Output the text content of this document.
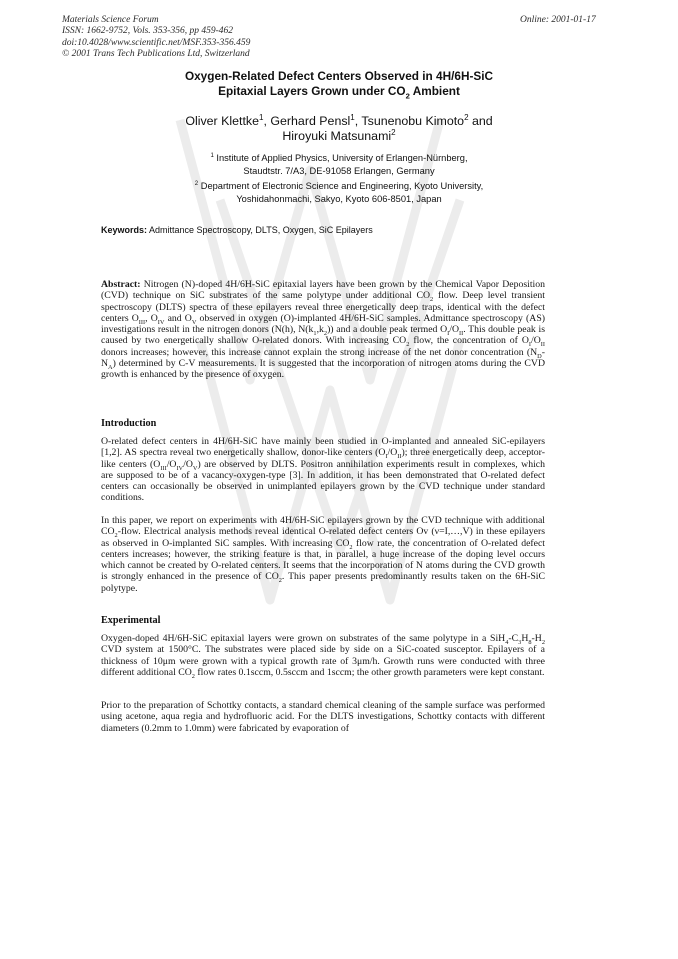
Materials Science Forum
ISSN: 1662-9752, Vols. 353-356, pp 459-462
doi:10.4028/www.scientific.net/MSF.353-356.459
© 2001 Trans Tech Publications Ltd, Switzerland
Online: 2001-01-17
Oxygen-Related Defect Centers Observed in 4H/6H-SiC
Epitaxial Layers Grown under $CO_2$ Ambient
Oliver Klettke$^1$, Gerhard Pensl$^1$, Tsunenobu Kimoto$^2$ and
Hiroyuki Matsunami$^2$
$^1$ Institute of Applied Physics, University of Erlangen-Nürnberg,
Staudtstr. 7/A3, DE-91058 Erlangen, Germany
$^2$ Department of Electronic Science and Engineering, Kyoto University,
Yoshidahonmachi, Sakyo, Kyoto 606-8501, Japan
Keywords: Admittance Spectroscopy, DLTS, Oxygen, SiC Epilayers

Abstract: Nitrogen (N)-doped 4H/6H-SiC epitaxial layers have been grown by the Chemical Vapor Deposition (CVD) technique on SiC substrates of the same polytype under additional $CO_2$ flow. Deep level transient spectroscopy (DLTS) spectra of these epilayers reveal three energetically deep traps, identical with the defect centers $O_{III}$, $O_{IV}$ and $O_V$ observed in oxygen (O)-implanted 4H/6H-SiC samples. Admittance spectroscopy (AS) investigations result in the nitrogen donors (N(h), $N(k_1,k_2)$) and a double peak termed $O_I/O_{II}$. This double peak is caused by two energetically shallow O-related donors. With increasing $CO_2$ flow, the concentration of $O_I/O_{II}$ donors increases; however, this increase cannot explain the strong increase of the net donor concentration $(N_D-N_A)$ determined by C-V measurements. It is suggested that the incorporation of nitrogen atoms during the CVD growth is enhanced by the presence of oxygen.

Introduction

O-related defect centers in 4H/6H-SiC have mainly been studied in O-implanted and annealed SiC-epilayers [1,2]. AS spectra reveal two energetically shallow, donor-like centers $(O_I/O_{II})$; three energetically deep, acceptor-like centers $(O_{III}/O_{IV}/O_V)$ are observed by DLTS. Positron annihilation experiments result in complexes, which are supposed to be of a vacancy-oxygen-type [3]. In addition, it has been demonstrated that O-related defect centers can occasionally be observed in unimplanted epilayers grown by the CVD technique under standard conditions.

In this paper, we report on experiments with 4H/6H-SiC epilayers grown by the CVD technique with additional $CO_2$-flow. Electrical analysis methods reveal identical O-related defect centers Ov (ν=I,…,V) in these epilayers as observed in O-implanted SiC samples. With increasing $CO_2$ flow rate, the concentration of O-related defect centers increases; however, the striking feature is that, in parallel, a huge increase of the doping level occurs which cannot be created by O-related centers. It seems that the incorporation of N atoms during the CVD growth is strongly enhanced in the presence of $CO_2$. This paper presents predominantly results taken on the 6H-SiC polytype.

Experimental

Oxygen-doped 4H/6H-SiC epitaxial layers were grown on substrates of the same polytype in a $SiH_4-C_3H_8-H_2$ CVD system at 1500°C. The substrates were placed side by side on a SiC-coated susceptor. Epilayers of a thickness of 10μm were grown with a typical growth rate of 3μm/h. Growth runs were conducted with three different additional $CO_2$ flow rates 0.1sccm, 0.5sccm and 1sccm; the other growth parameters were kept constant.

Prior to the preparation of Schottky contacts, a standard chemical cleaning of the sample surface was performed using acetone, aqua regia and hydrofluoric acid. For the DLTS investigations, Schottky contacts with different diameters (0.2mm to 1.0mm) were fabricated by evaporation of
